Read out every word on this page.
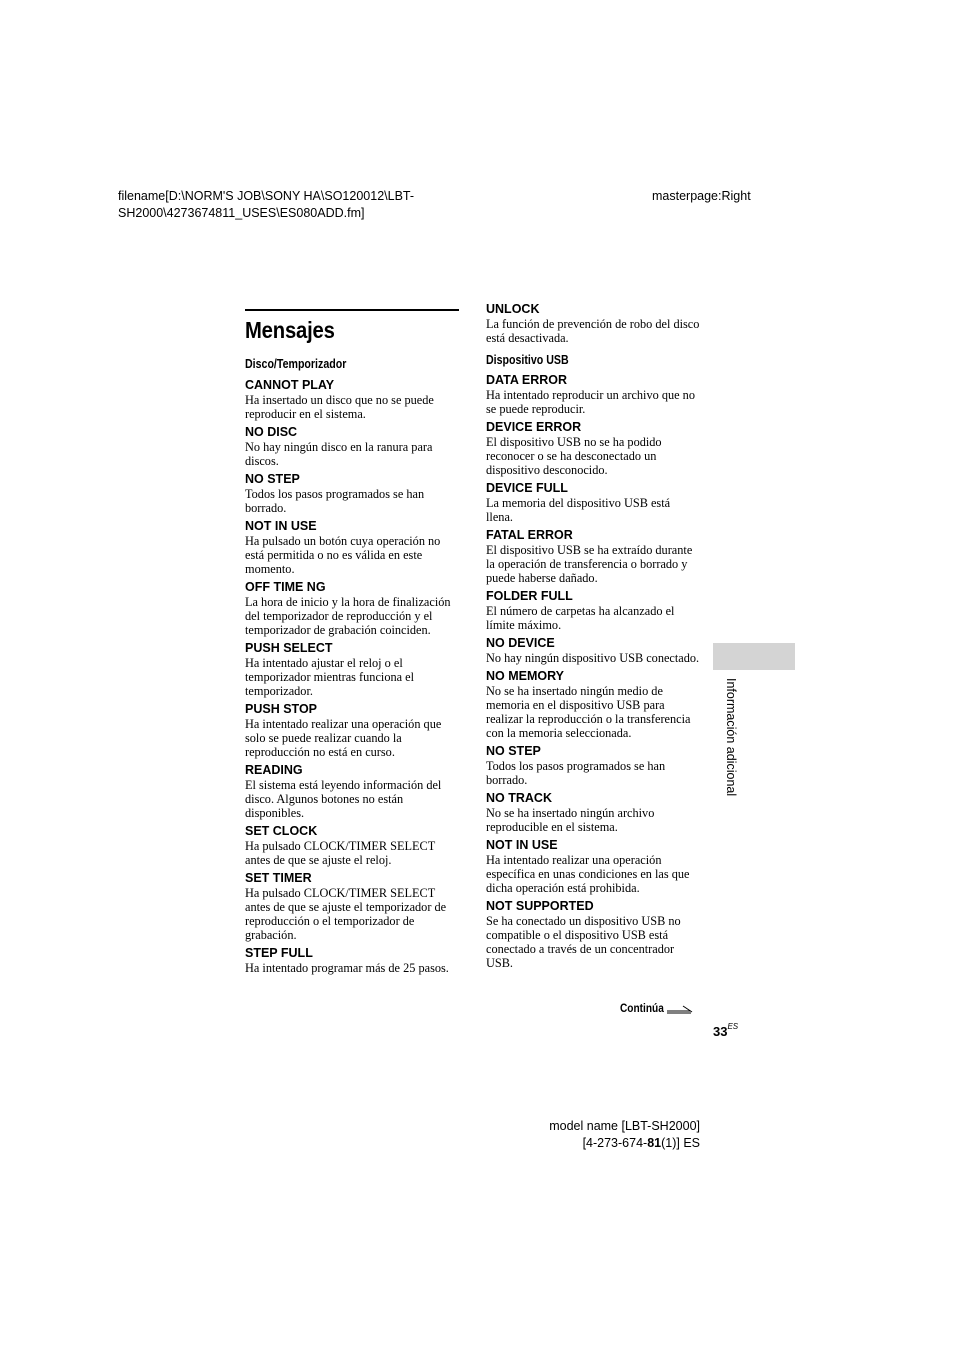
filename[D:\NORM'S JOB\SONY HA\SO120012\LBT-SH2000\4273674811_USES\ES080ADD.fm]
masterpage:Right
Mensajes

Disco/Temporizador

CANNOT PLAY

Ha insertado un disco que no se puede reproducir en el sistema.

NO DISC

No hay ningún disco en la ranura para discos.

NO STEP

Todos los pasos programados se han borrado.

NOT IN USE

Ha pulsado un botón cuya operación no está permitida o no es válida en este momento.

OFF TIME NG

La hora de inicio y la hora de finalización del temporizador de reproducción y el temporizador de grabación coinciden.

PUSH SELECT

Ha intentado ajustar el reloj o el temporizador mientras funciona el temporizador.

PUSH STOP

Ha intentado realizar una operación que solo se puede realizar cuando la reproducción no está en curso.

READING

El sistema está leyendo información del disco. Algunos botones no están disponibles.

SET CLOCK

Ha pulsado CLOCK/TIMER SELECT antes de que se ajuste el reloj.

SET TIMER

Ha pulsado CLOCK/TIMER SELECT antes de que se ajuste el temporizador de reproducción o el temporizador de grabación.

STEP FULL

Ha intentado programar más de 25 pasos.

UNLOCK

La función de prevención de robo del disco está desactivada.

Dispositivo USB

DATA ERROR

Ha intentado reproducir un archivo que no se puede reproducir.

DEVICE ERROR

El dispositivo USB no se ha podido reconocer o se ha desconectado un dispositivo desconocido.

DEVICE FULL

La memoria del dispositivo USB está llena.

FATAL ERROR

El dispositivo USB se ha extraído durante la operación de transferencia o borrado y puede haberse dañado.

FOLDER FULL

El número de carpetas ha alcanzado el límite máximo.

NO DEVICE

No hay ningún dispositivo USB conectado.

NO MEMORY

No se ha insertado ningún medio de memoria en el dispositivo USB para realizar la reproducción o la transferencia con la memoria seleccionada.

NO STEP

Todos los pasos programados se han borrado.

NO TRACK

No se ha insertado ningún archivo reproducible en el sistema.

NOT IN USE

Ha intentado realizar una operación específica en unas condiciones en las que dicha operación está prohibida.

NOT SUPPORTED

Se ha conectado un dispositivo USB no compatible o el dispositivo USB está conectado a través de un concentrador USB.

Continúa
$33^{ES}$
Información adicional
model name [LBT-SH2000]
[4-273-674-81(1)] ES
